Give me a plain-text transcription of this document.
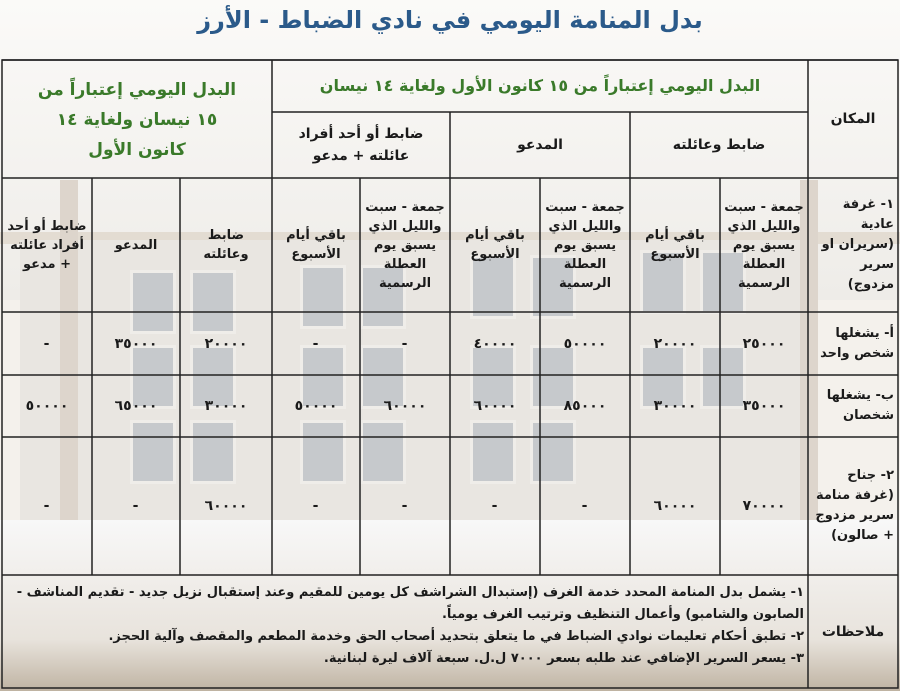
بدل المنامة اليومي في نادي الضباط - الأرز
المكان
البدل اليومي إعتباراً من ١٥ كانون الأول ولغاية ١٤ نيسان
البدل اليومي إعتباراً من ١٥ نيسان ولغاية ١٤ كانون الأول	ضابط وعائلته
المدعو
ضابط أو أحد أفراد عائلته + مدعو
جمعة - سبت والليل الذي يسبق يوم العطلة الرسمية
باقي أيام الأسبوع
جمعة - سبت والليل الذي يسبق يوم العطلة الرسمية
باقي أيام الأسبوع
جمعة - سبت والليل الذي يسبق يوم العطلة الرسمية
باقي أيام الأسبوع
ضابط وعائلته
المدعو
ضابط أو أحد أفراد عائلته + مدعو
١- غرفة عادية (سريران او سرير مزدوج)
أ- يشغلها شخص واحد
ب- يشغلها شخصان
٢- جناح (غرفة منامة سرير مزدوج + صالون)
٢٥٠٠٠
٢٠٠٠٠
٥٠٠٠٠
٤٠٠٠٠
-
-
٢٠٠٠٠
٣٥٠٠٠
-
٣٥٠٠٠
٣٠٠٠٠
٨٥٠٠٠
٦٠٠٠٠
٦٠٠٠٠
٥٠٠٠٠
٣٠٠٠٠
٦٥٠٠٠
٥٠٠٠٠
٧٠٠٠٠
٦٠٠٠٠
-
-
-
-
٦٠٠٠٠
-
-
ملاحظات
١- يشمل بدل المنامة المحدد خدمة الغرف (إستبدال الشراشف كل يومين للمقيم وعند إستقبال نزيل جديد - تقديم المناشف -
الصابون والشامبو) وأعمال التنظيف وترتيب الغرف يومياً.
٢- تطبق أحكام تعليمات نوادي الضباط في ما يتعلق بتحديد أصحاب الحق وخدمة المطعم والمقصف وآلية الحجز.
٣- يسعر السرير الإضافي عند طلبه بسعر ٧٠٠٠ ل.ل. سبعة آلاف ليرة لبنانية.
